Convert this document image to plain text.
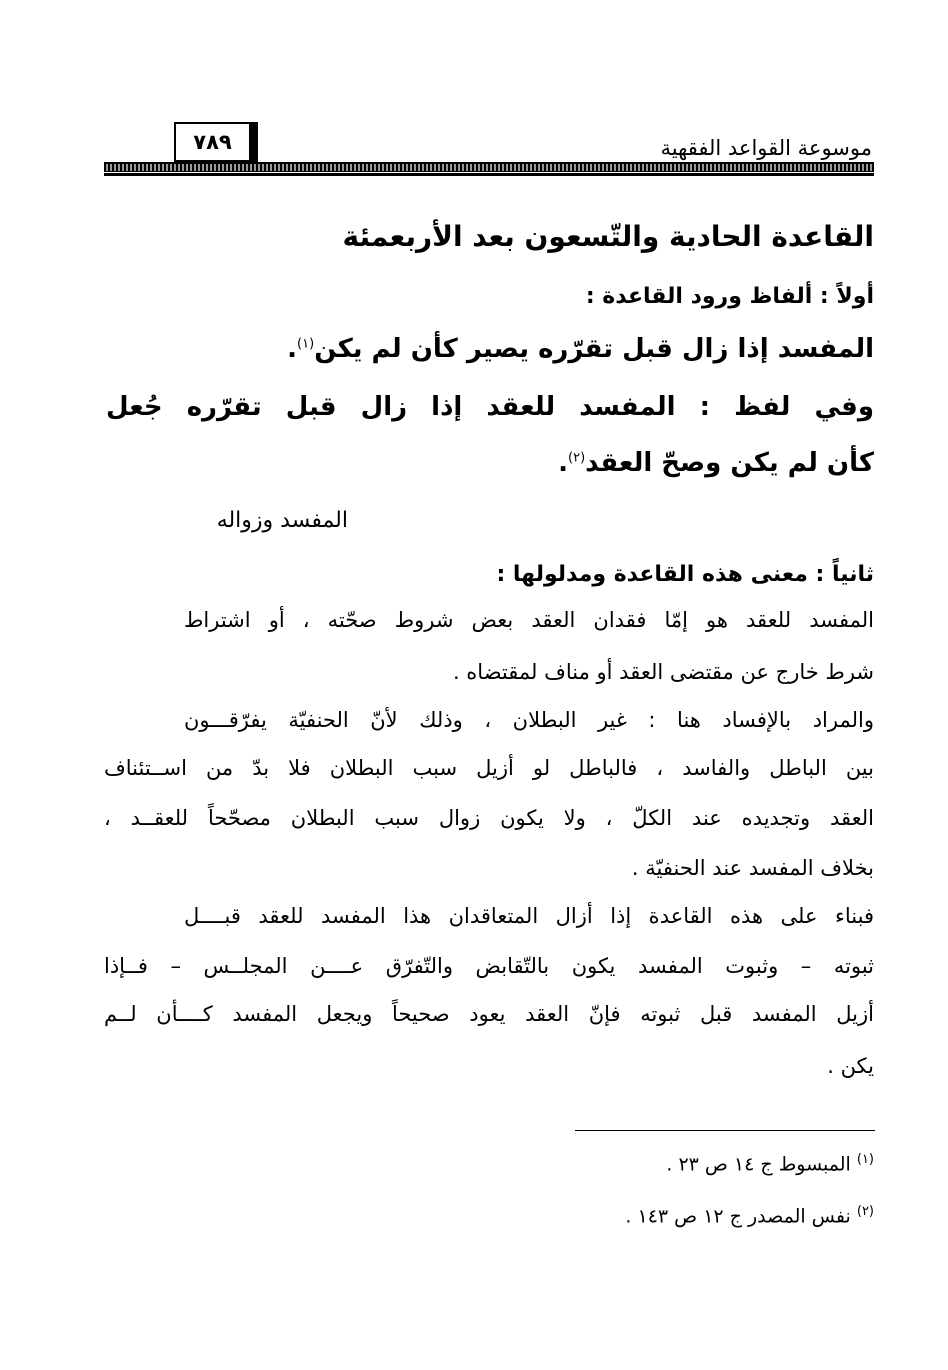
موسوعة القواعد الفقهية
٧٨٩
القاعدة الحادية والتّسعون بعد الأربعمئة
أولاً : ألفاظ ورود القاعدة :
المفسد إذا زال قبل تقرّره يصير كأن لم يكن$^{(١)}$.
وفي لفظ : المفسد للعقد إذا زال قبل تقرّره جُعل
كأن لم يكن وصحّ العقد$^{(٢)}$.
المفسد وزواله
ثانياً : معنى هذه القاعدة ومدلولها :
المفسد للعقد هو إمّا فقدان العقد بعض شروط صحّته ، أو اشتراط
شرط خارج عن مقتضى العقد أو مناف لمقتضاه .
والمراد بالإفساد هنا : غير البطلان ، وذلك لأنّ الحنفيّة يفرّقـــون
بين الباطل والفاسد ، فالباطل لو أزيل سبب البطلان فلا بدّ من اســتئناف
العقد وتجديده عند الكلّ ، ولا يكون زوال سبب البطلان مصحّحاً للعقــد ،
بخلاف المفسد عند الحنفيّة .
فبناء على هذه القاعدة إذا أزال المتعاقدان هذا المفسد للعقد قبــــل
ثبوته – وثبوت المفسد يكون بالتّقابض والتّفرّق عــــن المجلــس – فــإذا
أزيل المفسد قبل ثبوته فإنّ العقد يعود صحيحاً ويجعل المفسد كــــأن لــم
يكن .
$^{(١)}$ المبسوط ج ١٤ ص ٢٣ .
$^{(٢)}$ نفس المصدر ج ١٢ ص ١٤٣ .
